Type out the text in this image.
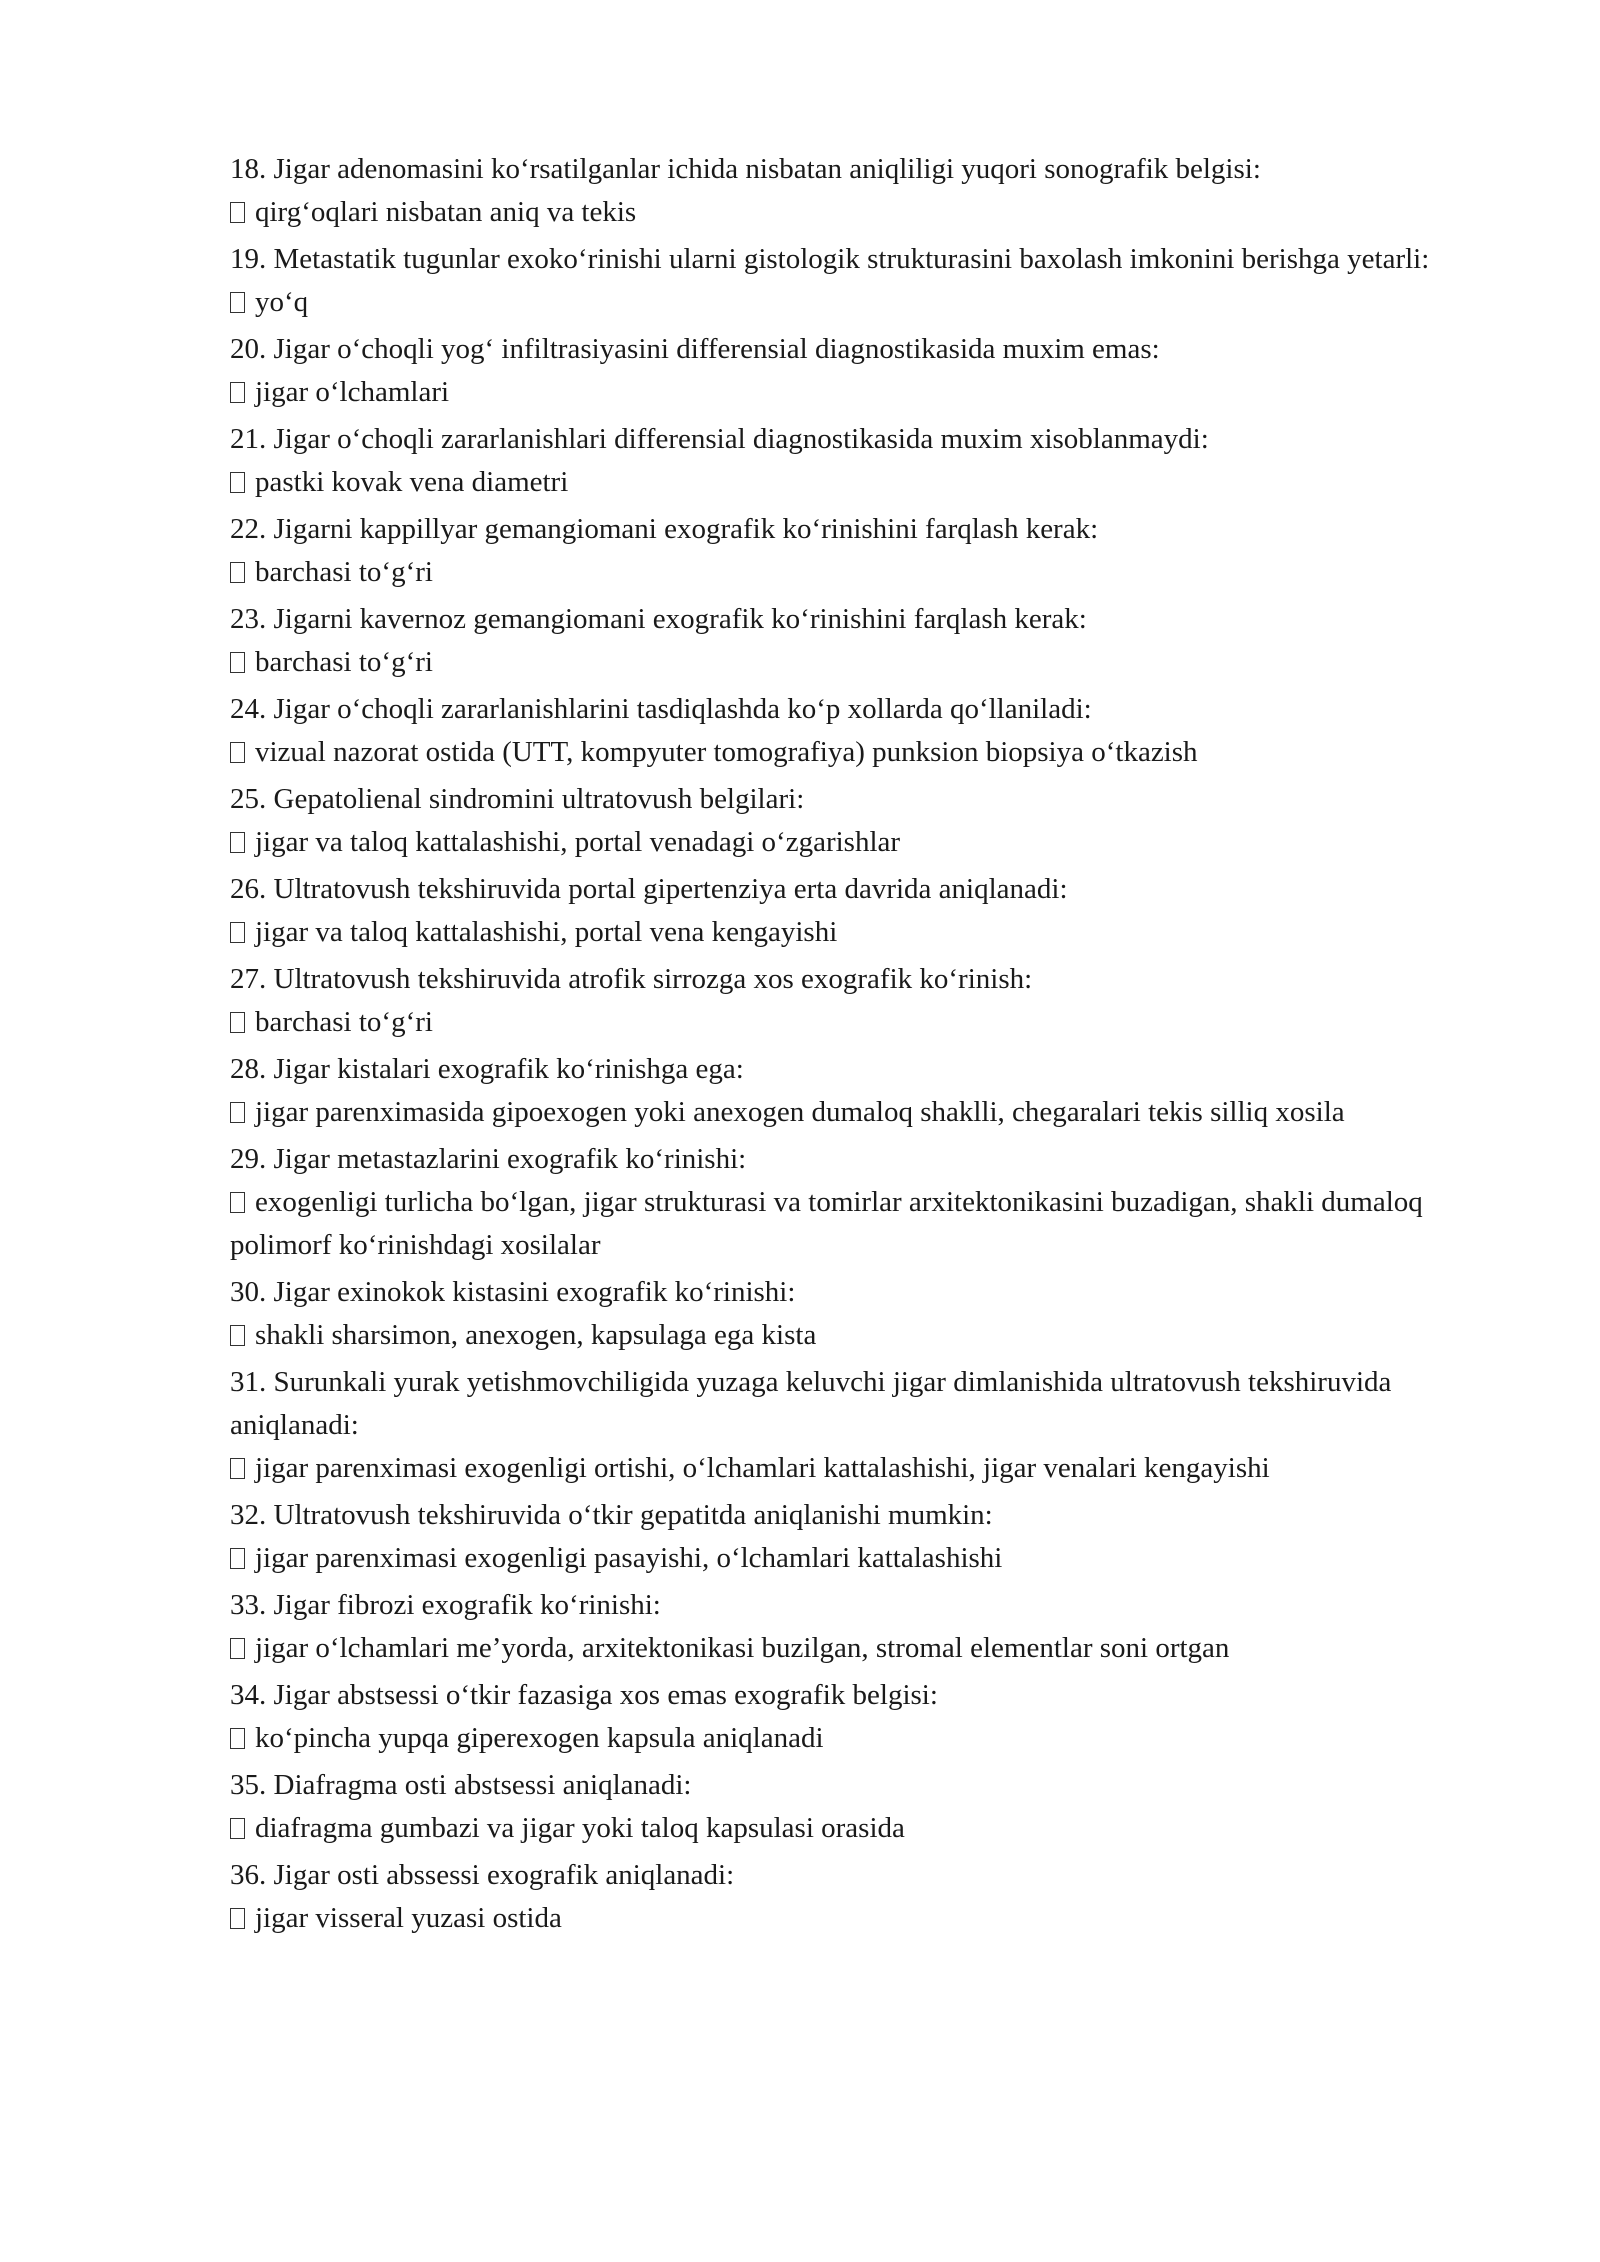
18. Jigar adenomasini ko‘rsatilganlar ichida nisbatan aniqliligi yuqori sonografik belgisi:

qirg‘oqlari nisbatan aniq va tekis

19. Metastatik tugunlar exoko‘rinishi ularni gistologik strukturasini baxolash imkonini berishga yetarli:

yo‘q

20. Jigar o‘choqli yog‘ infiltrasiyasini differensial diagnostikasida muxim emas:

jigar o‘lchamlari

21. Jigar o‘choqli zararlanishlari differensial diagnostikasida muxim xisoblanmaydi:

pastki kovak vena diametri

22. Jigarni kappillyar gemangiomani exografik ko‘rinishini farqlash kerak:

barchasi to‘g‘ri

23. Jigarni kavernoz gemangiomani exografik ko‘rinishini farqlash kerak:

barchasi to‘g‘ri

24. Jigar o‘choqli zararlanishlarini tasdiqlashda ko‘p xollarda qo‘llaniladi:

vizual nazorat ostida (UTT, kompyuter tomografiya) punksion biopsiya o‘tkazish

25. Gepatolienal sindromini ultratovush belgilari:

jigar va taloq kattalashishi, portal venadagi o‘zgarishlar

26. Ultratovush tekshiruvida portal gipertenziya erta davrida aniqlanadi:

jigar va taloq kattalashishi, portal vena kengayishi

27. Ultratovush tekshiruvida atrofik sirrozga xos exografik ko‘rinish:

barchasi to‘g‘ri

28. Jigar kistalari exografik ko‘rinishga ega:

jigar parenximasida gipoexogen yoki anexogen dumaloq shaklli, chegaralari tekis silliq xosila

29. Jigar metastazlarini exografik ko‘rinishi:

exogenligi turlicha bo‘lgan, jigar strukturasi va tomirlar arxitektonikasini buzadigan, shakli dumaloq polimorf ko‘rinishdagi xosilalar

30. Jigar exinokok kistasini exografik ko‘rinishi:

shakli sharsimon, anexogen, kapsulaga ega kista

31. Surunkali yurak yetishmovchiligida yuzaga keluvchi jigar dimlanishida ultratovush tekshiruvida aniqlanadi:

jigar parenximasi exogenligi ortishi, o‘lchamlari kattalashishi, jigar venalari kengayishi

32. Ultratovush tekshiruvida o‘tkir gepatitda aniqlanishi mumkin:

jigar parenximasi exogenligi pasayishi, o‘lchamlari kattalashishi

33. Jigar fibrozi exografik ko‘rinishi:

jigar o‘lchamlari me’yorda, arxitektonikasi buzilgan, stromal elementlar soni ortgan

34. Jigar abstsessi o‘tkir fazasiga xos emas exografik belgisi:

ko‘pincha yupqa giperexogen kapsula aniqlanadi

35. Diafragma osti abstsessi aniqlanadi:

diafragma gumbazi va jigar yoki taloq kapsulasi orasida

36. Jigar osti abssessi exografik aniqlanadi:

jigar visseral yuzasi ostida
